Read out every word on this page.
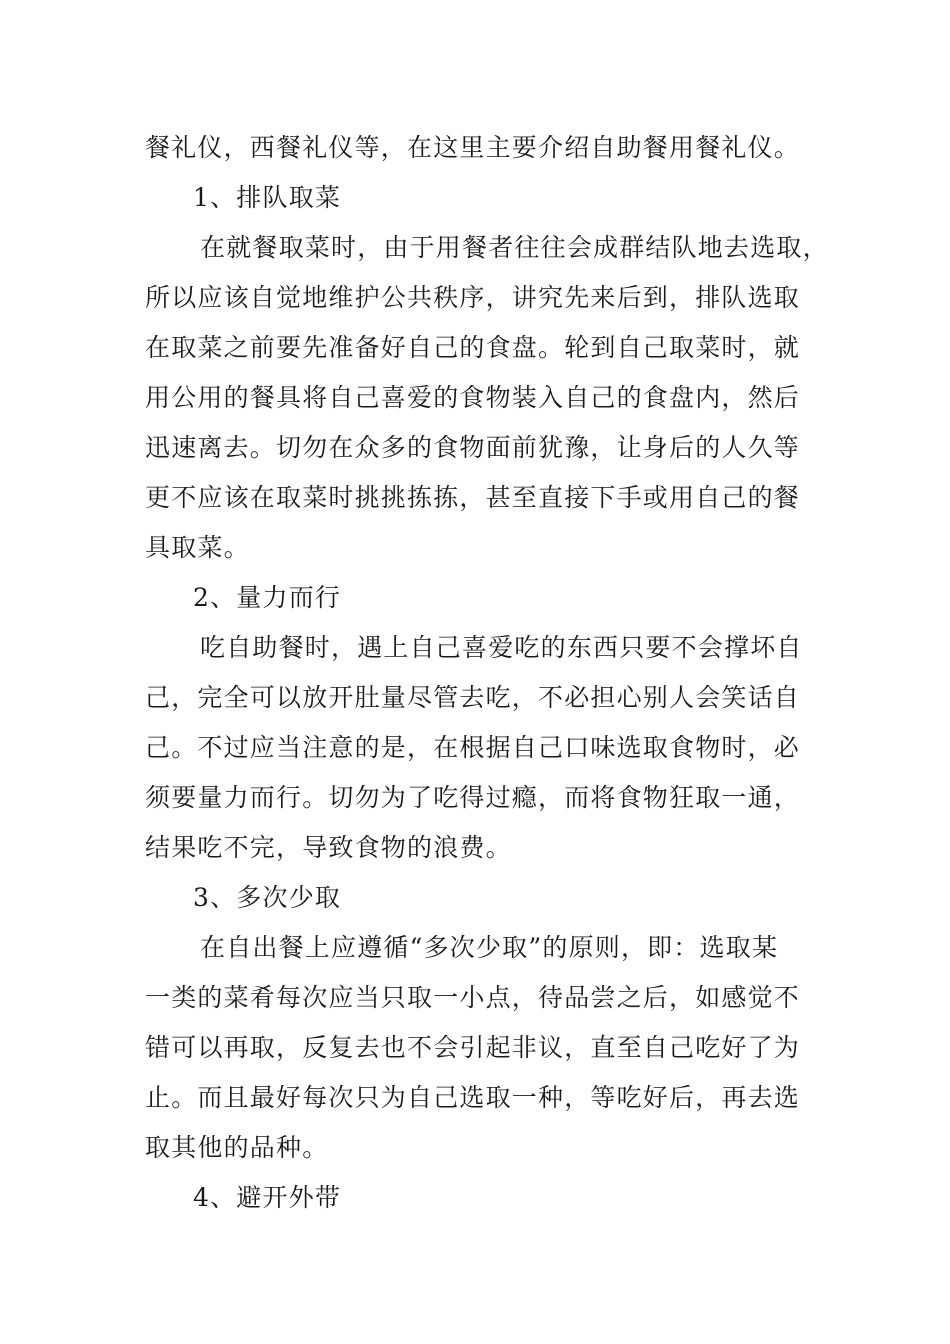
餐礼仪，西餐礼仪等，在这里主要介绍自助餐用餐礼仪。
1、排队取菜
在就餐取菜时，由于用餐者往往会成群结队地去选取，
所以应该自觉地维护公共秩序，讲究先来后到，排队选取
在取菜之前要先准备好自己的食盘。轮到自己取菜时，就
用公用的餐具将自己喜爱的食物装入自己的食盘内，然后
迅速离去。切勿在众多的食物面前犹豫，让身后的人久等
更不应该在取菜时挑挑拣拣，甚至直接下手或用自己的餐
具取菜。
2、量力而行
吃自助餐时，遇上自己喜爱吃的东西只要不会撑坏自
己，完全可以放开肚量尽管去吃，不必担心别人会笑话自
己。不过应当注意的是，在根据自己口味选取食物时，必
须要量力而行。切勿为了吃得过瘾，而将食物狂取一通，
结果吃不完，导致食物的浪费。
3、多次少取
在自出餐上应遵循“多次少取”的原则，即：选取某
一类的菜肴每次应当只取一小点，待品尝之后，如感觉不
错可以再取，反复去也不会引起非议，直至自己吃好了为
止。而且最好每次只为自己选取一种，等吃好后，再去选
取其他的品种。
4、避开外带
